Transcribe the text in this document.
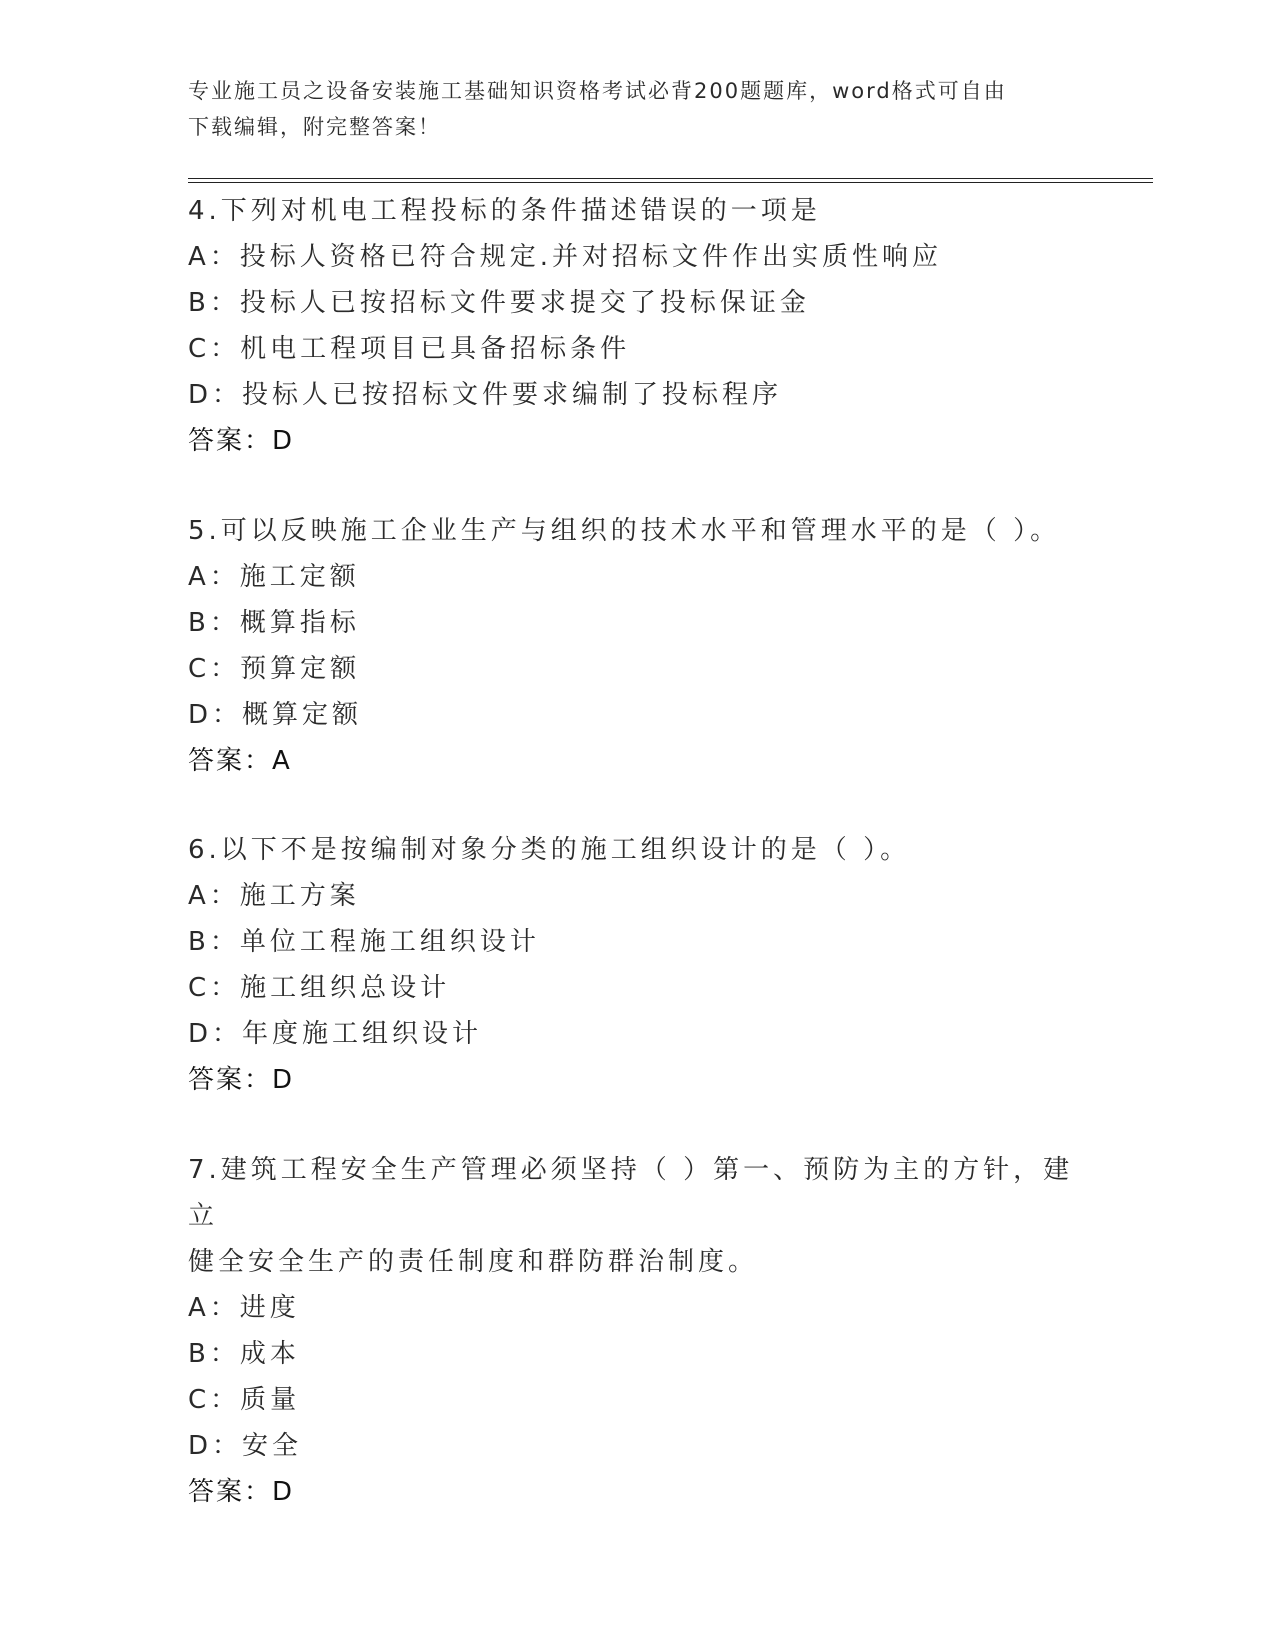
专业施工员之设备安装施工基础知识资格考试必背200题题库，word格式可自由
下载编辑，附完整答案！
4.下列对机电工程投标的条件描述错误的一项是
A：投标人资格已符合规定.并对招标文件作出实质性响应
B：投标人已按招标文件要求提交了投标保证金
C：机电工程项目已具备招标条件
D：投标人已按招标文件要求编制了投标程序
答案：D
5.可以反映施工企业生产与组织的技术水平和管理水平的是（ ）。
A：施工定额
B：概算指标
C：预算定额
D：概算定额
答案：A
6.以下不是按编制对象分类的施工组织设计的是（ ）。
A：施工方案
B：单位工程施工组织设计
C：施工组织总设计
D：年度施工组织设计
答案：D
7.建筑工程安全生产管理必须坚持（ ）第一、预防为主的方针，建立
健全安全生产的责任制度和群防群治制度。
A：进度
B：成本
C：质量
D：安全
答案：D
